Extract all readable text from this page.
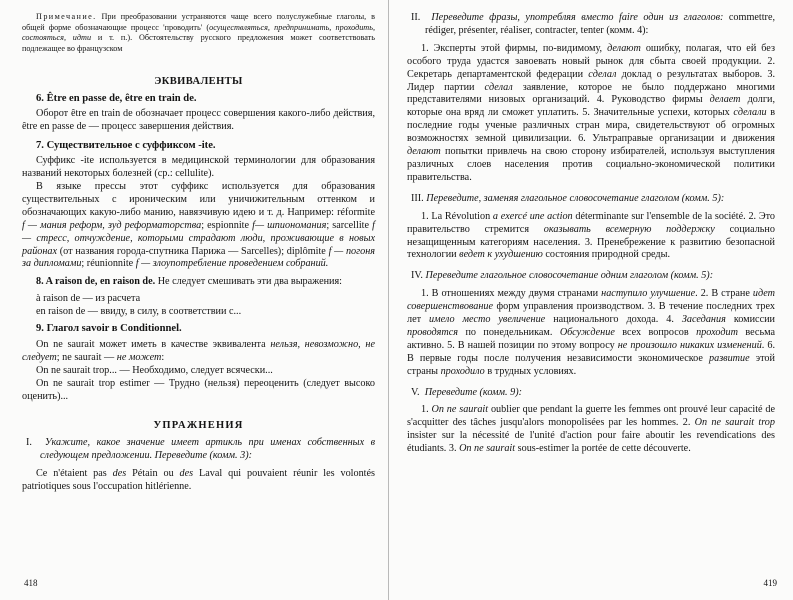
Примечание. При преобразовании устраняются чаще всего полуслужебные глаголы, в общей форме обозначающие процесс 'проводить' (осуществляться, предпринимать, проходить, состояться, идти и т. п.). Обстоятельству русского предложения может соответствовать подлежащее во французском

ЭКВИВАЛЕНТЫ

6. Être en passe de, être en train de.

Оборот être en train de обозначает процесс совершения какого-либо действия, être en passe de — процесс завершения действия.

7. Существительное с суффиксом -ite.

Суффикс -ite используется в медицинской терминологии для образования названий некоторых болезней (ср.: cellulite).

В языке прессы этот суффикс используется для образования существительных с ироническим или уничижительным оттенком и обозначающих какую-либо манию, навязчивую идею и т. д. Например: réformite f — мания реформ, зуд реформаторства; espionnite f— шпиономания; sarcellite f — стресс, отчуждение, которыми страдают люди, проживающие в новых районах (от названия города-спутника Парижа — Sarcelles); diplômite f — погоня за дипломами; réunionnite f — злоупотребление проведением собраний.

8. A raison de, en raison de. Не следует смешивать эти два выражения:

à raison de — из расчета

en raison de — ввиду, в силу, в соответствии с...

9. Глагол savoir в Conditionnel.

On ne saurait может иметь в качестве эквивалента нельзя, невозможно, не следует; ne saurait — не может:

On ne saurait trop... — Необходимо, следует всячески...

On ne saurait trop estimer — Трудно (нельзя) переоценить (следует высоко оценить)...

УПРАЖНЕНИЯ

I. Укажите, какое значение имеет артикль при именах собственных в следующем предложении. Переведите (комм. 3):

Ce n'étaient pas des Pétain ou des Laval qui pouvaient réunir les volontés patriotiques sous l'occupation hitlérienne.

418

II. Переведите фразы, употребляя вместо faire один из глаголов: commettre, rédiger, présenter, réaliser, contracter, tenter (комм. 4):

1. Эксперты этой фирмы, по-видимому, делают ошибку, полагая, что ей без особого труда удастся завоевать новый рынок для сбыта своей продукции. 2. Секретарь департаментской федерации сделал доклад о результатах выборов. 3. Лидер партии сделал заявление, которое не было поддержано многими представителями низовых организаций. 4. Руководство фирмы делает долги, которые она вряд ли сможет уплатить. 5. Значительные успехи, которых сделали в последние годы ученые различных стран мира, свидетельствуют об огромных возможностях земной цивилизации. 6. Ультраправые организации и движения делают попытки привлечь на свою сторону избирателей, используя выступления различных слоев населения против социально-экономической политики правительства.

III. Переведите, заменяя глагольное словосочетание глаголом (комм. 5):

1. La Révolution a exercé une action déterminante sur l'ensemble de la société. 2. Это правительство стремится оказывать всемерную поддержку социально незащищенным категориям населения. 3. Пренебрежение к развитию безопасной технологии ведет к ухудшению состояния природной среды.

IV. Переведите глагольное словосочетание одним глаголом (комм. 5):

1. В отношениях между двумя странами наступило улучшение. 2. В стране идет совершенствование форм управления производством. 3. В течение последних трех лет имело место увеличение национального дохода. 4. Заседания комиссии проводятся по понедельникам. Обсуждение всех вопросов проходит весьма активно. 5. В нашей позиции по этому вопросу не произошло никаких изменений. 6. В первые годы после получения независимости экономическое развитие этой страны проходило в трудных условиях.

V. Переведите (комм. 9):

1. On ne saurait oublier que pendant la guerre les femmes ont prouvé leur capacité de s'acquitter des tâches jusqu'alors monopolisées par les hommes. 2. On ne saurait trop insister sur la nécessité de l'unité d'action pour faire aboutir les revendications des étudiants. 3. On ne saurait sous-estimer la portée de cette découverte.

419
